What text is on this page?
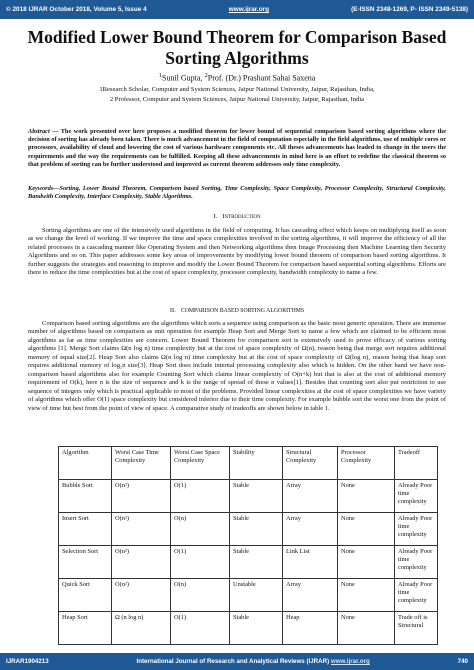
© 2018 IJRAR October 2018, Volume 5, Issue 4	www.ijrar.org	(E-ISSN 2348-1269, P- ISSN 2349-5138)
Modified Lower Bound Theorem for Comparison Based Sorting Algorithms
$^1$Sunil Gupta, $^2$Prof. (Dr.) Prashant Sahai Saxena
1Research Scholar, Computer and System Sciences, Jaipur National University, Jaipur, Rajasthan, India,
2 Professor, Computer and System Sciences, Jaipur National University, Jaipur, Rajasthan, India
Abstract — The work presented over here proposes a modified theorem for lower bound of sequential comparison based sorting algorithms where the decision of sorting has already been taken. There is much advancement in the field of computation especially in the field algorithms, use of multiple cores or processors, availability of cloud and lowering the cost of various hardware components etc. All theses advancements has leaded to change in the users the requirements and the way the requirements can be fulfilled. Keeping all these advancements in mind here is an effort to redefine the classical theorem so that problem of sorting can be further understood and improved as current theorem addresses only time complexity.
Keywords—Sorting, Lower Bound Theorem, Comparison based Sorting, Time Complexity, Space Complexity, Processor Complexity, Structural Complexity, Bandwith Complexity, Interface Complexity, Stable Algorithms.
I. Introduction
Sorting algorithms are one of the intensively used algorithms in the field of computing. It has cascading effect which keeps on multiplying itself as soon as we change the level of working. If we improve the time and space complexities involved in the sorting algorithms, it will improve the efficiency of all the related processes in a cascading manner like Operating System and then Networking algorithms then Image Processing then Machine Learning then Security Algorithms and so on. This paper addresses some key areas of improvements by modifying lower bound theorem of comparison based sorting algorithms. It further suggests the strategies and reasoning to improve and modify the Lower Bound Theorem for comparison based sequential sorting algorithms. Efforts are there to reduce the time complexities but at the cost of space complexity, processor complexity, bandwidth complexity to name a few.
II. COMPARISON BASED SORTING ALGORITHMS
Comparison based sorting algorithms are the algorithms which sorts a sequence using comparison as the basic most generic operation. There are immense number of algorithms based on comparison as unit operation for example Heap Sort and Merge Sort to name a few which are claimed to be efficient most algorithms as far as time complexities are concern. Lower Bound Theorem for comparison sort is extensively used to prove efficacy of various sorting algorithms [1]. Merge Sort claims Ω(n log n) time complexity but at the cost of space complexity of Ω(n), reason being that merge sort requires additional memory of equal size[2]. Heap Sort also claims Ω(n log n) time complexity but at the cost of space complexity of Ω(log n), reason being that heap sort requires additional memory of log₂n size[3]. Heap Sort does include internal processing complexity also which is hidden. On the other hand we have non-comparison based algorithms also for example Counting Sort which claims linear complexity of O(n+k) but that is also at the cost of additional memory requirement of O(k), here n is the size of sequence and k is the range of spread of these n values[1]. Besides that counting sort also put restriction to use sequence of integers only which is practical applicable to most of the problems. Provided linear complexities at the cost of space complexities we have variety of algorithms which offer O(1) space complexity but considered inferior due to their time complexity. For example bubble sort the worst one from the point of view of time but best from the point of view of space. A comparative study of tradeoffs are shown below in table 1.
Algorithm	Worst Case Time Complexity	Worst Case Space Complexity	Stability	Structural Complexity	Processor Complexity	Tradeoff
Bubble Sort	O(n²)	O(1)	Stable	Array	None	Already Poor time complexity
Insert Sort	O(n²)	O(n)	Stable	Array	None	Already Poor time complexity
Selection Sort	O(n²)	O(1)	Stable	Link List	None	Already Poor time complexity
Quick Sort	O(n²)	O(n)	Unstable	Array	None	Already Poor time complexity
Heap Sort	Ω (n log n)	O(1)	Stable	Heap	None	Trade off is Structural
IJRAR1904213	International Journal of Research and Analytical Reviews (IJRAR) www.ijrar.org	740
